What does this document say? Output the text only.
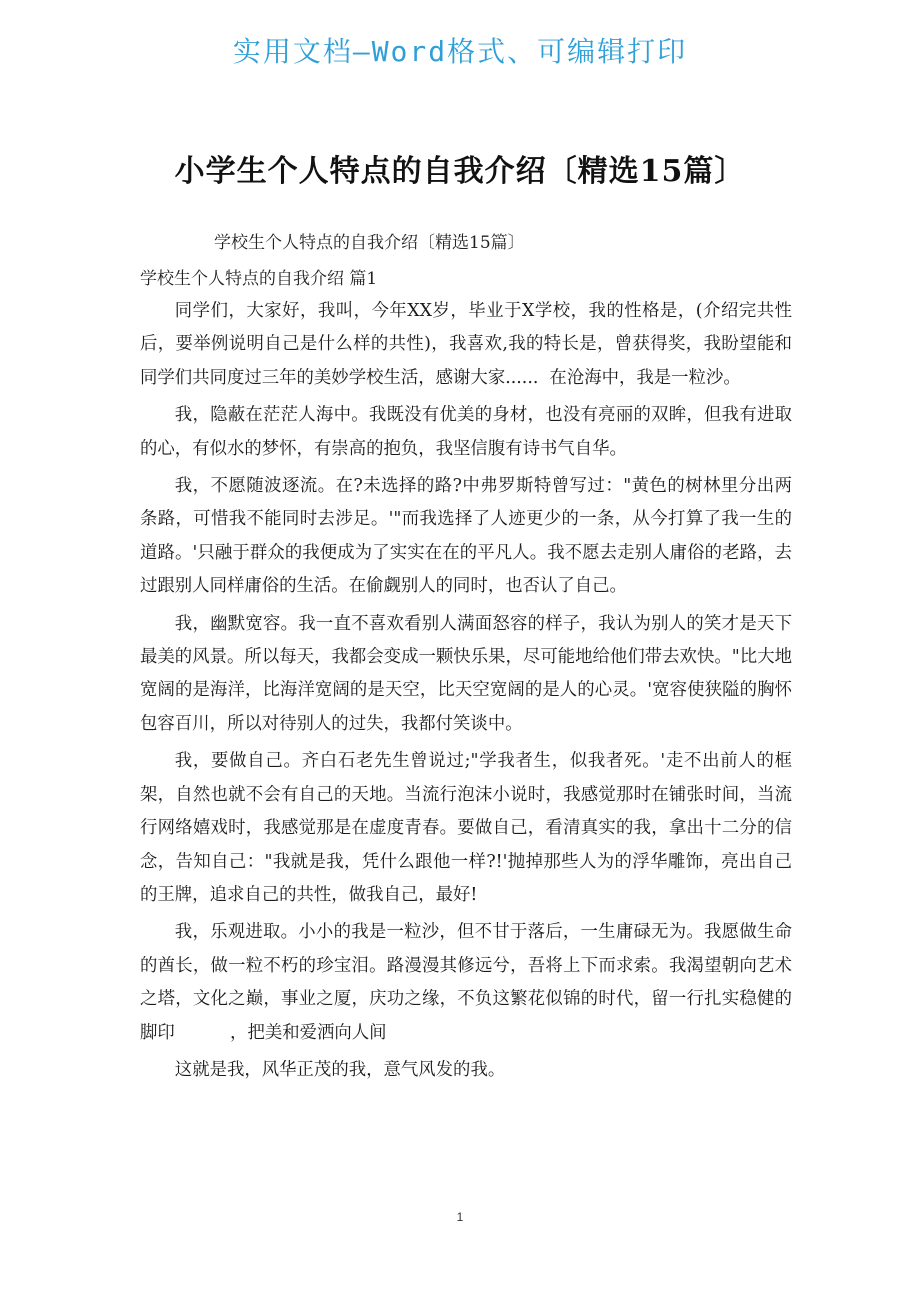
实用文档—Word格式、可编辑打印
小学生个人特点的自我介绍〔精选15篇〕
学校生个人特点的自我介绍〔精选15篇〕
学校生个人特点的自我介绍 篇1

同学们，大家好，我叫，今年XX岁，毕业于X学校，我的性格是，(介绍完共性后，要举例说明自己是什么样的共性)，我喜欢,我的特长是，曾获得奖，我盼望能和同学们共同度过三年的美妙学校生活，感谢大家......  在沧海中，我是一粒沙。

我，隐蔽在茫茫人海中。我既没有优美的身材，也没有亮丽的双眸，但我有进取的心，有似水的梦怀，有崇高的抱负，我坚信腹有诗书气自华。

我，不愿随波逐流。在?未选择的路?中弗罗斯特曾写过："黄色的树林里分出两条路，可惜我不能同时去涉足。'"而我选择了人迹更少的一条，从今打算了我一生的道路。'只融于群众的我便成为了实实在在的平凡人。我不愿去走别人庸俗的老路，去过跟别人同样庸俗的生活。在偷觑别人的同时，也否认了自己。

我，幽默宽容。我一直不喜欢看别人满面怒容的样子，我认为别人的笑才是天下最美的风景。所以每天，我都会变成一颗快乐果，尽可能地给他们带去欢快。"比大地宽阔的是海洋，比海洋宽阔的是天空，比天空宽阔的是人的心灵。'宽容使狭隘的胸怀包容百川，所以对待别人的过失，我都付笑谈中。

我，要做自己。齐白石老先生曾说过;"学我者生，似我者死。'走不出前人的框架，自然也就不会有自己的天地。当流行泡沫小说时，我感觉那时在铺张时间，当流行网络嬉戏时，我感觉那是在虚度青春。要做自己，看清真实的我，拿出十二分的信念，告知自己："我就是我，凭什么跟他一样?!'抛掉那些人为的浮华雕饰，亮出自己的王牌，追求自己的共性，做我自己，最好!

我，乐观进取。小小的我是一粒沙，但不甘于落后，一生庸碌无为。我愿做生命的酋长，做一粒不朽的珍宝泪。路漫漫其修远兮，吾将上下而求索。我渴望朝向艺术之塔，文化之巅，事业之厦，庆功之缘，不负这繁花似锦的时代，留一行扎实稳健的脚印          ，把美和爱洒向人间

这就是我，风华正茂的我，意气风发的我。

1
